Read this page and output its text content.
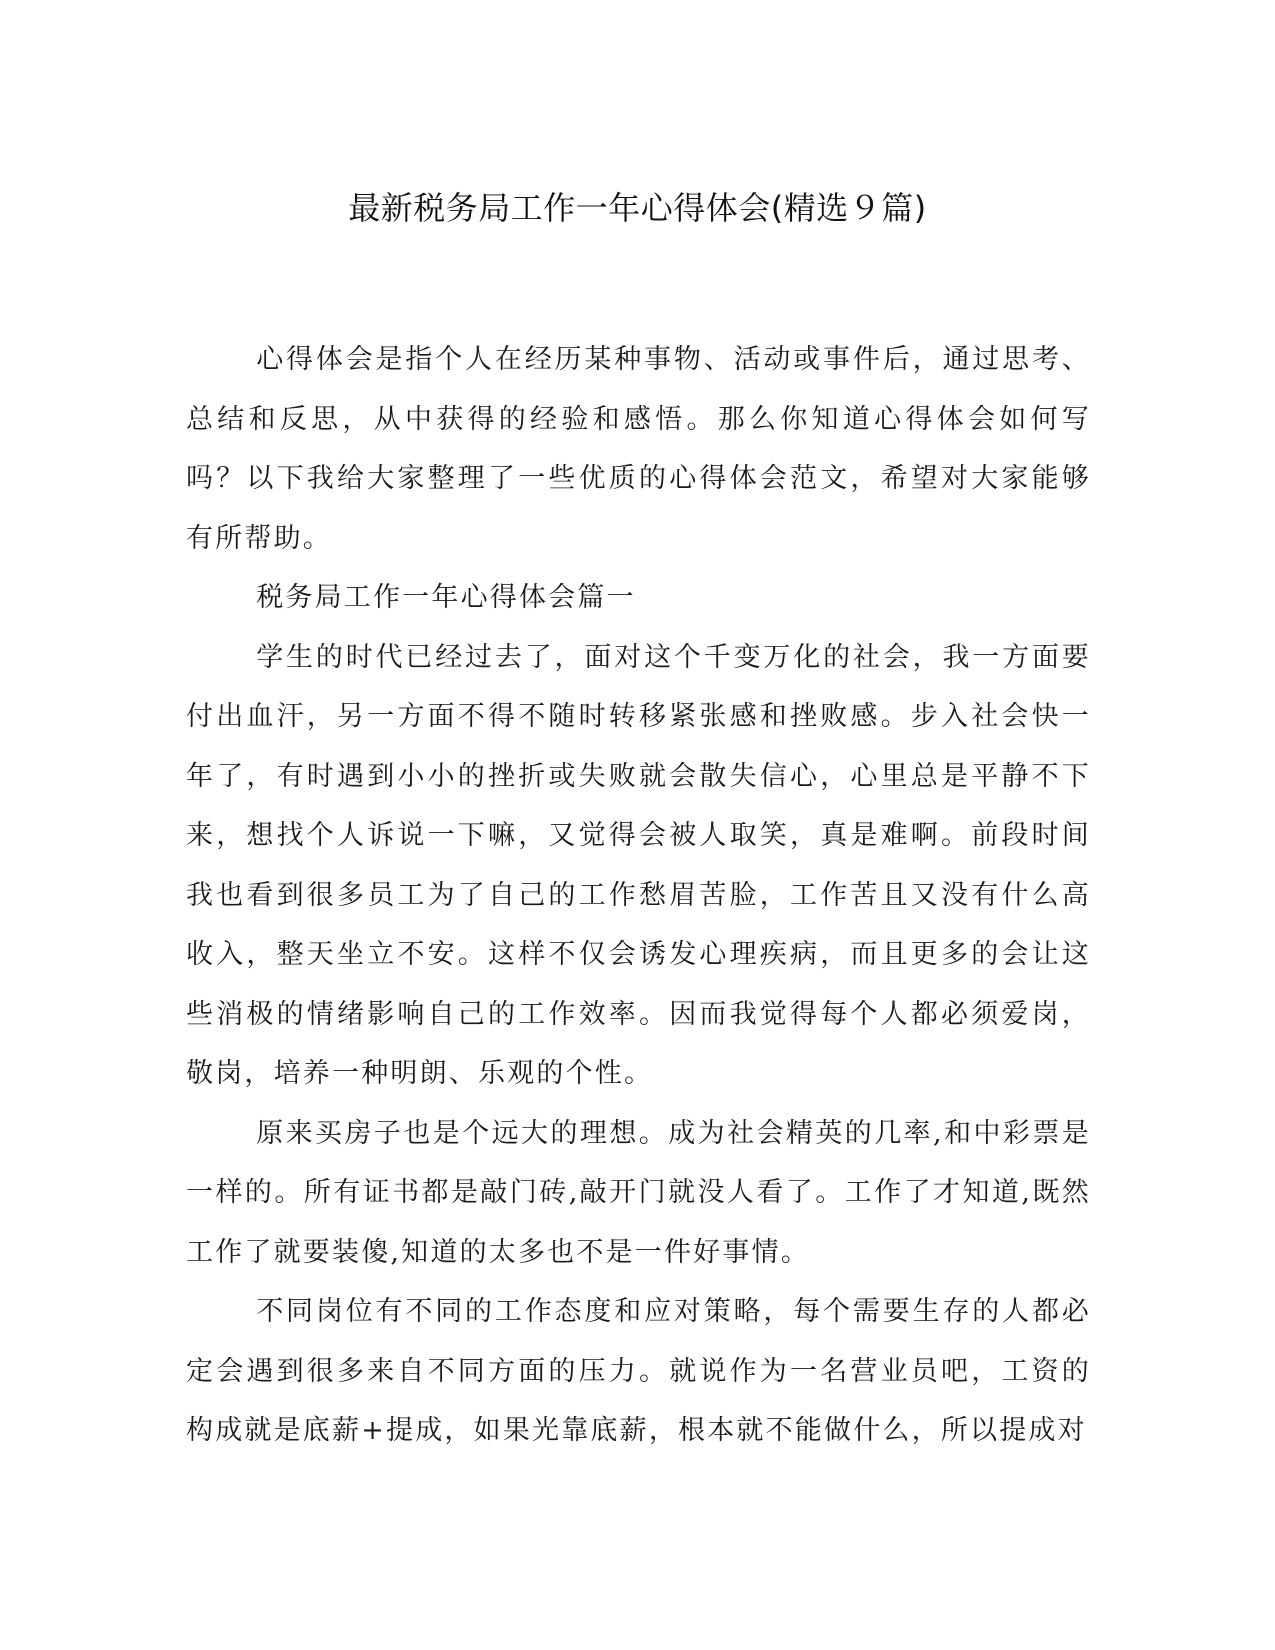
最新税务局工作一年心得体会(精选９篇)

心得体会是指个人在经历某种事物、活动或事件后，通过思考、总结和反思，从中获得的经验和感悟。那么你知道心得体会如何写吗？以下我给大家整理了一些优质的心得体会范文，希望对大家能够有所帮助。

税务局工作一年心得体会篇一

学生的时代已经过去了，面对这个千变万化的社会，我一方面要付出血汗，另一方面不得不随时转移紧张感和挫败感。步入社会快一年了，有时遇到小小的挫折或失败就会散失信心，心里总是平静不下来，想找个人诉说一下嘛，又觉得会被人取笑，真是难啊。前段时间我也看到很多员工为了自己的工作愁眉苦脸，工作苦且又没有什么高收入，整天坐立不安。这样不仅会诱发心理疾病，而且更多的会让这些消极的情绪影响自己的工作效率。因而我觉得每个人都必须爱岗，敬岗，培养一种明朗、乐观的个性。

原来买房子也是个远大的理想。成为社会精英的几率,和中彩票是一样的。所有证书都是敲门砖,敲开门就没人看了。工作了才知道,既然工作了就要装傻,知道的太多也不是一件好事情。

不同岗位有不同的工作态度和应对策略，每个需要生存的人都必定会遇到很多来自不同方面的压力。就说作为一名营业员吧，工资的构成就是底薪+提成，如果光靠底薪，根本就不能做什么，所以提成对
